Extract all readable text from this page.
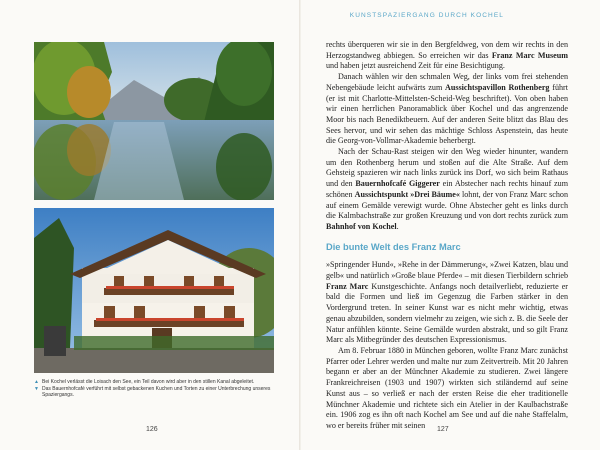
KUNSTSPAZIERGANG DURCH KOCHEL
▲ Bei Kochel verlässt die Loisach den See, ein Teil davon wird aber in den stillen Kanal abgeleitet.
▼ Das Bauernhofcafé verführt mit selbst gebackenen Kuchen und Torten zu einer Unterbrechung unseres Spaziergangs.
126

rechts überqueren wir sie in den Bergfeldweg, von dem wir rechts in den Herzogstandweg abbiegen. So erreichen wir das Franz Marc Museum und haben jetzt ausreichend Zeit für eine Besichtigung.

Danach wählen wir den schmalen Weg, der links vom frei stehenden Nebengebäude leicht aufwärts zum Aussichtspavillon Rothenberg führt (er ist mit Charlotte-Mittelsten-Scheid-Weg beschriftet). Von oben haben wir einen herrlichen Panoramablick über Kochel und das angrenzende Moor bis nach Benediktbeuern. Auf der anderen Seite blitzt das Blau des Sees hervor, und wir sehen das mächtige Schloss Aspenstein, das heute die Georg-von-Vollmar-Akademie beherbergt.

Nach der Schau-Rast steigen wir den Weg wieder hinunter, wandern um den Rothenberg herum und stoßen auf die Alte Straße. Auf dem Gehsteig spazieren wir nach links zurück ins Dorf, wo sich beim Rathaus und den Bauernhofcafé Giggerer ein Abstecher nach rechts hinauf zum schönen Aussichtspunkt »Drei Bäume« lohnt, der von Franz Marc schon auf einem Gemälde verewigt wurde. Ohne Abstecher geht es links durch die Kalmbachstraße zur großen Kreuzung und von dort rechts zurück zum Bahnhof von Kochel.

Die bunte Welt des Franz Marc

»Springender Hund«, »Rehe in der Dämmerung«, »Zwei Katzen, blau und gelb« und natürlich »Große blaue Pferde« – mit diesen Tierbildern schrieb Franz Marc Kunstgeschichte. Anfangs noch detailverliebt, reduzierte er bald die Formen und ließ im Gegenzug die Farben stärker in den Vordergrund treten. In seiner Kunst war es nicht mehr wichtig, etwas genau abzubilden, sondern vielmehr zu zeigen, wie sich z. B. die Seele der Natur anfühlen könnte. Seine Gemälde wurden abstrakt, und so gilt Franz Marc als Mitbegründer des deutschen Expressionismus.

Am 8. Februar 1880 in München geboren, wollte Franz Marc zunächst Pfarrer oder Lehrer werden und malte nur zum Zeitvertreib. Mit 20 Jahren begann er aber an der Münchner Akademie zu studieren. Zwei längere Frankreichreisen (1903 und 1907) wirkten sich stiländernd auf seine Kunst aus – so verließ er nach der ersten Reise die eher traditionelle Münchner Akademie und richtete sich ein Atelier in der Kaulbachstraße ein. 1906 zog es ihn oft nach Kochel am See und auf die nahe Staffelalm, wo er bereits früher mit seinen	127
